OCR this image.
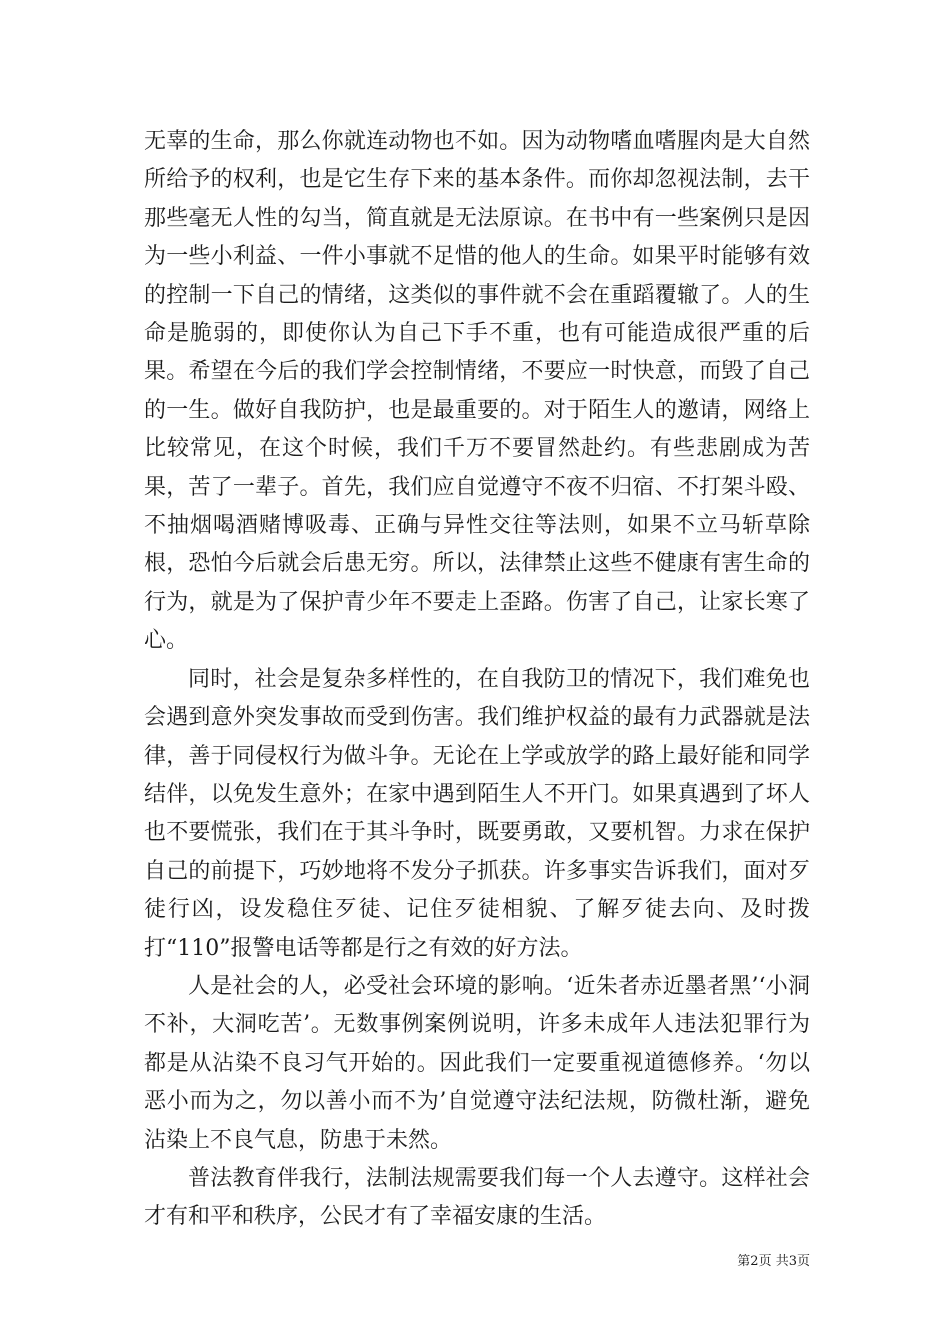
无辜的生命，那么你就连动物也不如。因为动物嗜血嗜腥肉是大自然所给予的权利，也是它生存下来的基本条件。而你却忽视法制，去干那些毫无人性的勾当，简直就是无法原谅。在书中有一些案例只是因为一些小利益、一件小事就不足惜的他人的生命。如果平时能够有效的控制一下自己的情绪，这类似的事件就不会在重蹈覆辙了。人的生命是脆弱的，即使你认为自己下手不重，也有可能造成很严重的后果。希望在今后的我们学会控制情绪，不要应一时快意，而毁了自己的一生。做好自我防护，也是最重要的。对于陌生人的邀请，网络上比较常见，在这个时候，我们千万不要冒然赴约。有些悲剧成为苦果，苦了一辈子。首先，我们应自觉遵守不夜不归宿、不打架斗殴、不抽烟喝酒赌博吸毒、正确与异性交往等法则，如果不立马斩草除根，恐怕今后就会后患无穷。所以，法律禁止这些不健康有害生命的行为，就是为了保护青少年不要走上歪路。伤害了自己，让家长寒了心。

同时，社会是复杂多样性的，在自我防卫的情况下，我们难免也会遇到意外突发事故而受到伤害。我们维护权益的最有力武器就是法律，善于同侵权行为做斗争。无论在上学或放学的路上最好能和同学结伴，以免发生意外；在家中遇到陌生人不开门。如果真遇到了坏人也不要慌张，我们在于其斗争时，既要勇敢，又要机智。力求在保护自己的前提下，巧妙地将不发分子抓获。许多事实告诉我们，面对歹徒行凶，设发稳住歹徒、记住歹徒相貌、了解歹徒去向、及时拨打“110”报警电话等都是行之有效的好方法。

人是社会的人，必受社会环境的影响。‘近朱者赤近墨者黑’‘小洞不补，大洞吃苦’。无数事例案例说明，许多未成年人违法犯罪行为都是从沾染不良习气开始的。因此我们一定要重视道德修养。‘勿以恶小而为之，勿以善小而不为’自觉遵守法纪法规，防微杜渐，避免沾染上不良气息，防患于未然。

普法教育伴我行，法制法规需要我们每一个人去遵守。这样社会才有和平和秩序，公民才有了幸福安康的生活。

第2页 共3页
